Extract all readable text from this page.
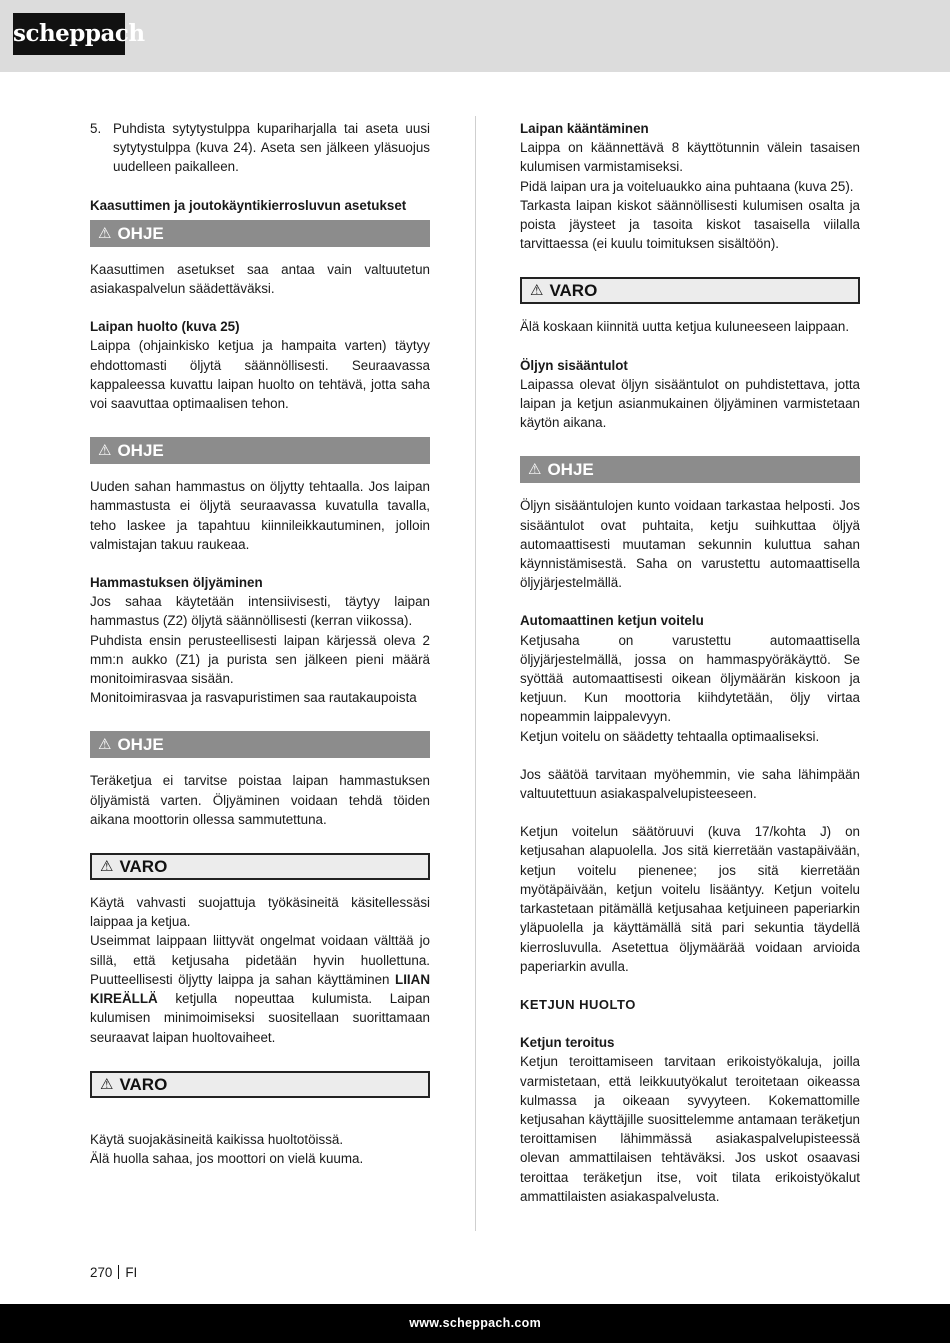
scheppach
5. Puhdista sytytystulppa kupariharjalla tai aseta uusi sytytystulppa (kuva 24). Aseta sen jälkeen yläsuojus uudelleen paikalleen.

Kaasuttimen ja joutokäyntikierrosluvun asetukset

⚠ OHJE

Kaasuttimen asetukset saa antaa vain valtuutetun asiakaspalvelun säädettäväksi.

Laipan huolto (kuva 25)

Laippa (ohjainkisko ketjua ja hampaita varten) täytyy ehdottomasti öljytä säännöllisesti. Seuraavassa kappaleessa kuvattu laipan huolto on tehtävä, jotta saha voi saavuttaa optimaalisen tehon.

⚠ OHJE

Uuden sahan hammastus on öljytty tehtaalla. Jos laipan hammastusta ei öljytä seuraavassa kuvatulla tavalla, teho laskee ja tapahtuu kiinnileikkautuminen, jolloin valmistajan takuu raukeaa.

Hammastuksen öljyäminen

Jos sahaa käytetään intensiivisesti, täytyy laipan hammastus (Z2) öljytä säännöllisesti (kerran viikossa).

Puhdista ensin perusteellisesti laipan kärjessä oleva 2 mm:n aukko (Z1) ja purista sen jälkeen pieni määrä monitoimirasvaa sisään.

Monitoimirasvaa ja rasvapuristimen saa rautakaupoista

⚠ OHJE

Teräketjua ei tarvitse poistaa laipan hammastuksen öljyämistä varten. Öljyäminen voidaan tehdä töiden aikana moottorin ollessa sammutettuna.

⚠ VARO

Käytä vahvasti suojattuja työkäsineitä käsitellessäsi laippaa ja ketjua.

Useimmat laippaan liittyvät ongelmat voidaan välttää jo sillä, että ketjusaha pidetään hyvin huollettuna. Puutteellisesti öljytty laippa ja sahan käyttäminen LIIAN KIREÄLLÄ ketjulla nopeuttaa kulumista. Laipan kulumisen minimoimiseksi suositellaan suorittamaan seuraavat laipan huoltovaiheet.

⚠ VARO

Käytä suojakäsineitä kaikissa huoltotöissä.

Älä huolla sahaa, jos moottori on vielä kuuma.

Laipan kääntäminen

Laippa on käännettävä 8 käyttötunnin välein tasaisen kulumisen varmistamiseksi.

Pidä laipan ura ja voiteluaukko aina puhtaana (kuva 25).

Tarkasta laipan kiskot säännöllisesti kulumisen osalta ja poista jäysteet ja tasoita kiskot tasaisella viilalla tarvittaessa (ei kuulu toimituksen sisältöön).

⚠ VARO

Älä koskaan kiinnitä uutta ketjua kuluneeseen laippaan.

Öljyn sisääntulot

Laipassa olevat öljyn sisääntulot on puhdistettava, jotta laipan ja ketjun asianmukainen öljyäminen varmistetaan käytön aikana.

⚠ OHJE

Öljyn sisääntulojen kunto voidaan tarkastaa helposti. Jos sisääntulot ovat puhtaita, ketju suihkuttaa öljyä automaattisesti muutaman sekunnin kuluttua sahan käynnistämisestä. Saha on varustettu automaattisella öljyjärjestelmällä.

Automaattinen ketjun voitelu

Ketjusaha on varustettu automaattisella öljyjärjestelmällä, jossa on hammaspyöräkäyttö. Se syöttää automaattisesti oikean öljymäärän kiskoon ja ketjuun. Kun moottoria kiihdytetään, öljy virtaa nopeammin laippalevyyn.

Ketjun voitelu on säädetty tehtaalla optimaaliseksi.

Jos säätöä tarvitaan myöhemmin, vie saha lähimpään valtuutettuun asiakaspalvelupisteeseen.

Ketjun voitelun säätöruuvi (kuva 17/kohta J) on ketjusahan alapuolella. Jos sitä kierretään vastapäivään, ketjun voitelu pienenee; jos sitä kierretään myötäpäivään, ketjun voitelu lisääntyy. Ketjun voitelu tarkastetaan pitämällä ketjusahaa ketjuineen paperiarkin yläpuolella ja käyttämällä sitä pari sekuntia täydellä kierrosluvulla. Asetettua öljymäärää voidaan arvioida paperiarkin avulla.

KETJUN HUOLTO

Ketjun teroitus

Ketjun teroittamiseen tarvitaan erikoistyökaluja, joilla varmistetaan, että leikkuutyökalut teroitetaan oikeassa kulmassa ja oikeaan syvyyteen. Kokemattomille ketjusahan käyttäjille suosittelemme antamaan teräketjun teroittamisen lähimmässä asiakaspalvelupisteessä olevan ammattilaisen tehtäväksi. Jos uskot osaavasi teroittaa teräketjun itse, voit tilata erikoistyökalut ammattilaisten asiakaspalvelusta.

270 FI
www.scheppach.com
